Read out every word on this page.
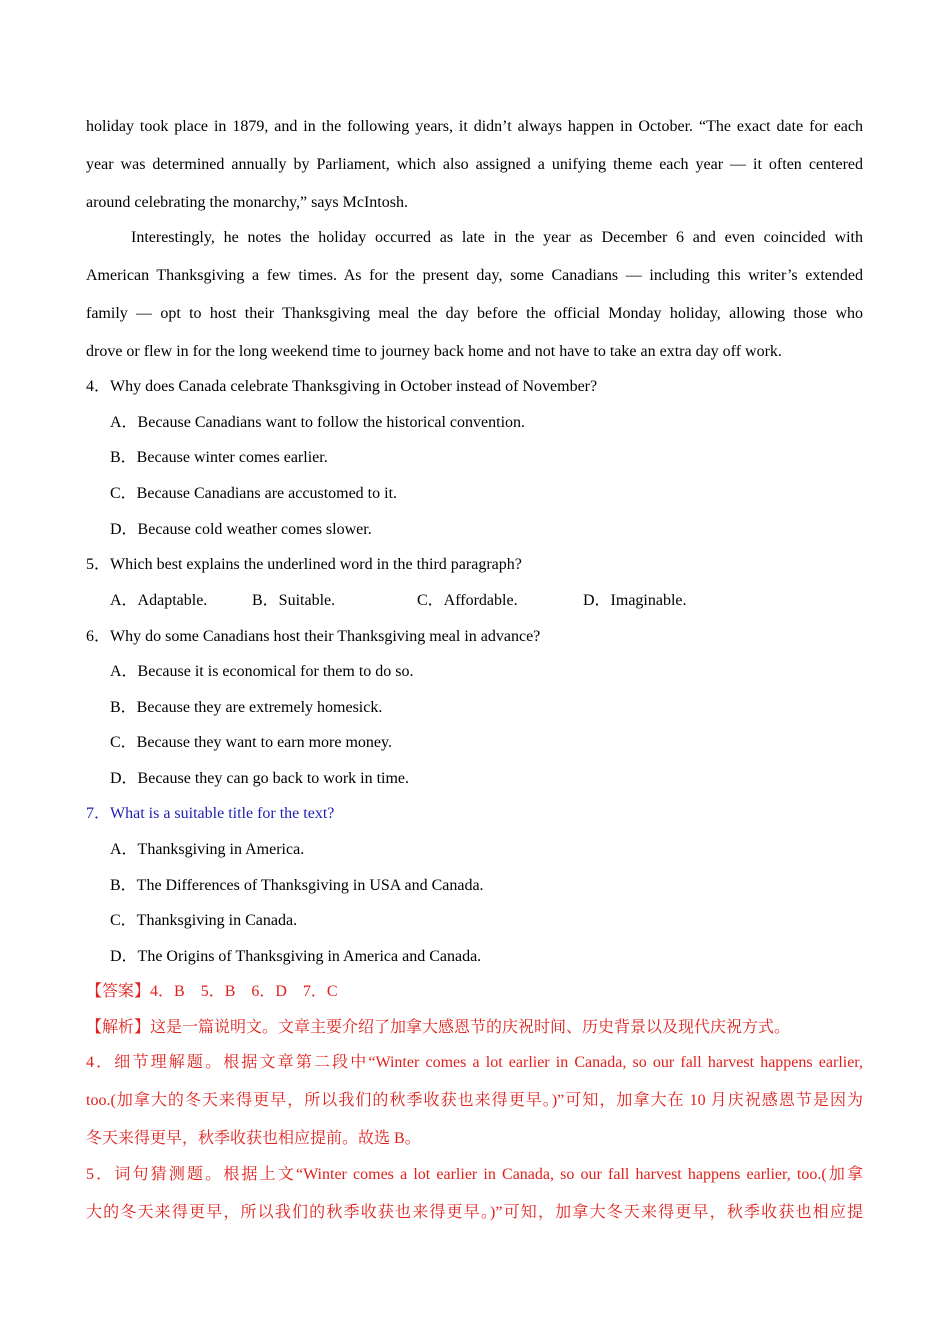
holiday took place in 1879, and in the following years, it didn’t always happen in October. “The exact date for each
year was determined annually by Parliament, which also assigned a unifying theme each year — it often centered
around celebrating the monarchy,” says McIntosh.
Interestingly, he notes the holiday occurred as late in the year as December 6 and even coincided with
American Thanksgiving a few times. As for the present day, some Canadians — including this writer’s extended
family — opt to host their Thanksgiving meal the day before the official Monday holiday, allowing those who
drove or flew in for the long weekend time to journey back home and not have to take an extra day off work.
4．Why does Canada celebrate Thanksgiving in October instead of November?
A．Because Canadians want to follow the historical convention.
B．Because winter comes earlier.
C．Because Canadians are accustomed to it.
D．Because cold weather comes slower.
5．Which best explains the underlined word in the third paragraph?
A．Adaptable.	B．Suitable.	C．Affordable.	D．Imaginable.
6．Why do some Canadians host their Thanksgiving meal in advance?
A．Because it is economical for them to do so.
B．Because they are extremely homesick.
C．Because they want to earn more money.
D．Because they can go back to work in time.
7．What is a suitable title for the text?
A．Thanksgiving in America.
B．The Differences of Thanksgiving in USA and Canada.
C．Thanksgiving in Canada.
D．The Origins of Thanksgiving in America and Canada.
【答案】4．B　5．B　6．D　7．C
【解析】这是一篇说明文。文章主要介绍了加拿大感恩节的庆祝时间、历史背景以及现代庆祝方式。
4．细节理解题。根据文章第二段中“Winter comes a lot earlier in Canada, so our fall harvest happens earlier,
too.(加拿大的冬天来得更早，所以我们的秋季收获也来得更早。)”可知，加拿大在 10 月庆祝感恩节是因为
冬天来得更早，秋季收获也相应提前。故选 B。
5．词句猜测题。根据上文“Winter comes a lot earlier in Canada, so our fall harvest happens earlier, too.(加拿
大的冬天来得更早，所以我们的秋季收获也来得更早。)”可知，加拿大冬天来得更早，秋季收获也相应提
